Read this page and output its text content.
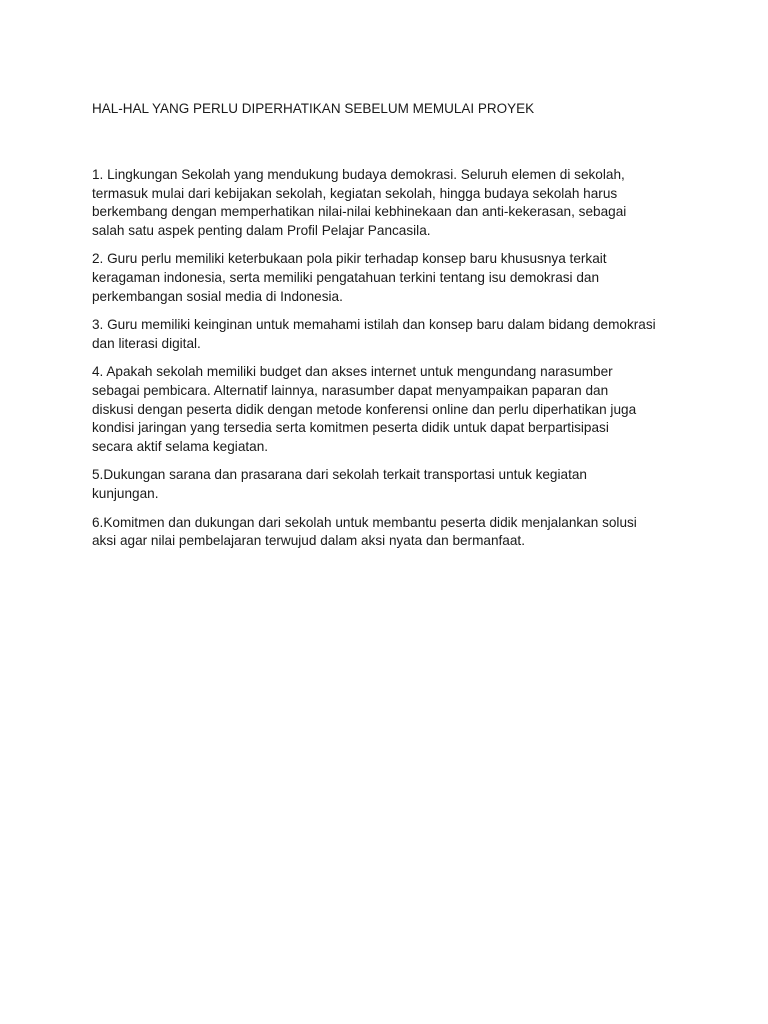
HAL-HAL YANG PERLU DIPERHATIKAN SEBELUM MEMULAI PROYEK

1. Lingkungan Sekolah yang mendukung budaya demokrasi. Seluruh elemen di sekolah,
termasuk mulai dari kebijakan sekolah, kegiatan sekolah, hingga budaya sekolah harus
berkembang dengan memperhatikan nilai-nilai kebhinekaan dan anti-kekerasan, sebagai
salah satu aspek penting dalam Profil Pelajar Pancasila.

2. Guru perlu memiliki keterbukaan pola pikir terhadap konsep baru khususnya terkait
keragaman indonesia, serta memiliki pengatahuan terkini tentang isu demokrasi dan
perkembangan sosial media di Indonesia.

3. Guru memiliki keinginan untuk memahami istilah dan konsep baru dalam bidang demokrasi
dan literasi digital.

4. Apakah sekolah memiliki budget dan akses internet untuk mengundang narasumber
sebagai pembicara. Alternatif lainnya, narasumber dapat menyampaikan paparan dan
diskusi dengan peserta didik dengan metode konferensi online dan perlu diperhatikan juga
kondisi jaringan yang tersedia serta komitmen peserta didik untuk dapat berpartisipasi
secara aktif selama kegiatan.

5.Dukungan sarana dan prasarana dari sekolah terkait transportasi untuk kegiatan
kunjungan.

6.Komitmen dan dukungan dari sekolah untuk membantu peserta didik menjalankan solusi
aksi agar nilai pembelajaran terwujud dalam aksi nyata dan bermanfaat.
